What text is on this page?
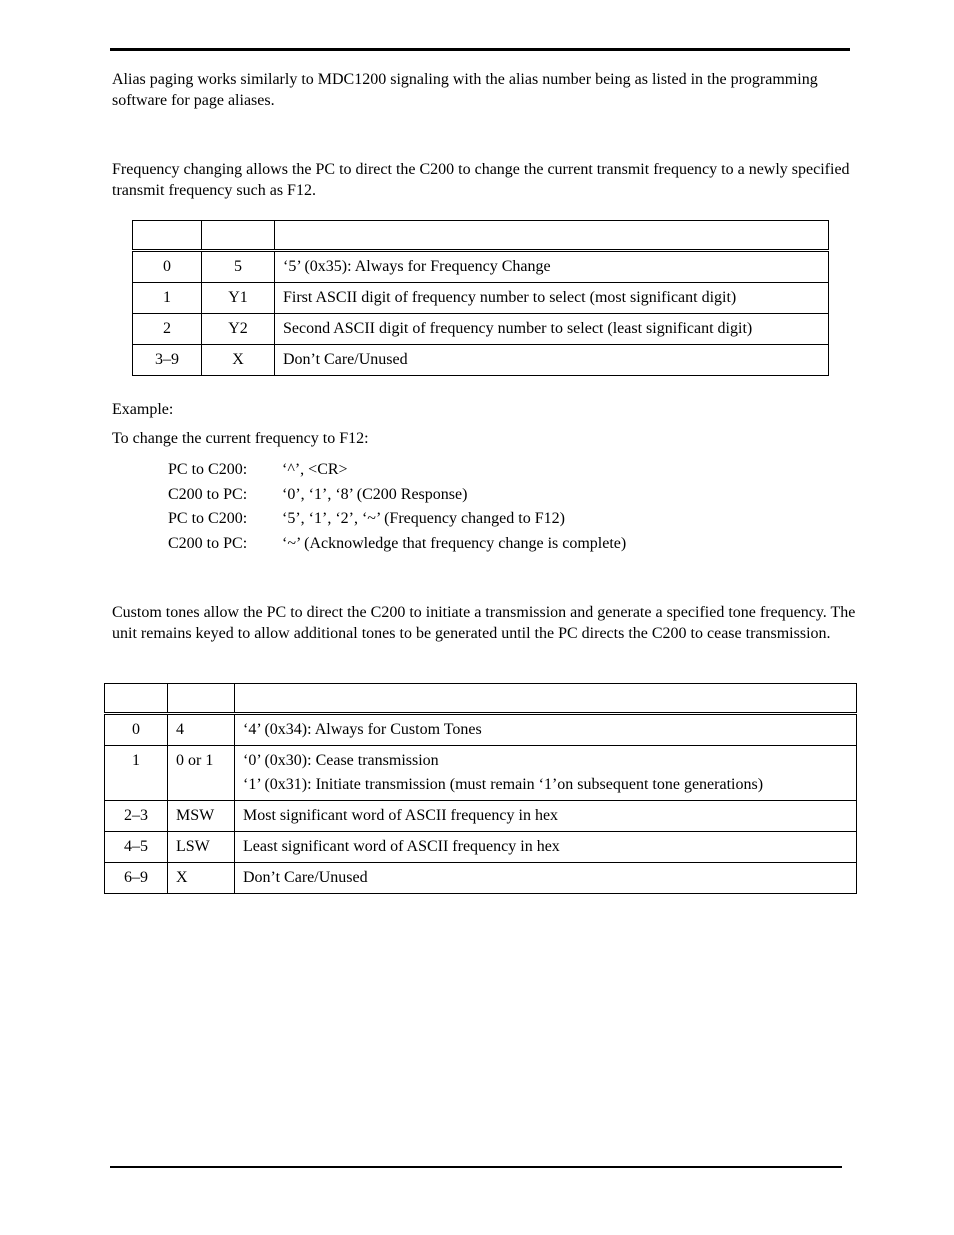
Alias paging works similarly to MDC1200 signaling with the alias number being as listed in the programming software for page aliases.

Frequency changing allows the PC to direct the C200 to change the current transmit frequency to a newly specified transmit frequency such as F12.

0	5	‘5’ (0x35): Always for Frequency Change
1	Y1	First ASCII digit of frequency number to select (most significant digit)
2	Y2	Second ASCII digit of frequency number to select (least significant digit)
3–9	X	Don’t Care/Unused
Example:
To change the current frequency to F12:
PC to C200: ‘^’, <CR>
C200 to PC: ‘0’, ‘1’, ‘8’ (C200 Response)
PC to C200: ‘5’, ‘1’, ‘2’, ‘~’ (Frequency changed to F12)
C200 to PC: ‘~’ (Acknowledge that frequency change is complete)

Custom tones allow the PC to direct the C200 to initiate a transmission and generate a specified tone frequency. The unit remains keyed to allow additional tones to be generated until the PC directs the C200 to cease transmission.

0	4	‘4’ (0x34): Always for Custom Tones
1	0 or 1	‘0’ (0x30): Cease transmission
‘1’ (0x31): Initiate transmission (must remain ‘1’on subsequent tone generations)

2–3	MSW	Most significant word of ASCII frequency in hex
4–5	LSW	Least significant word of ASCII frequency in hex
6–9	X	Don’t Care/Unused
